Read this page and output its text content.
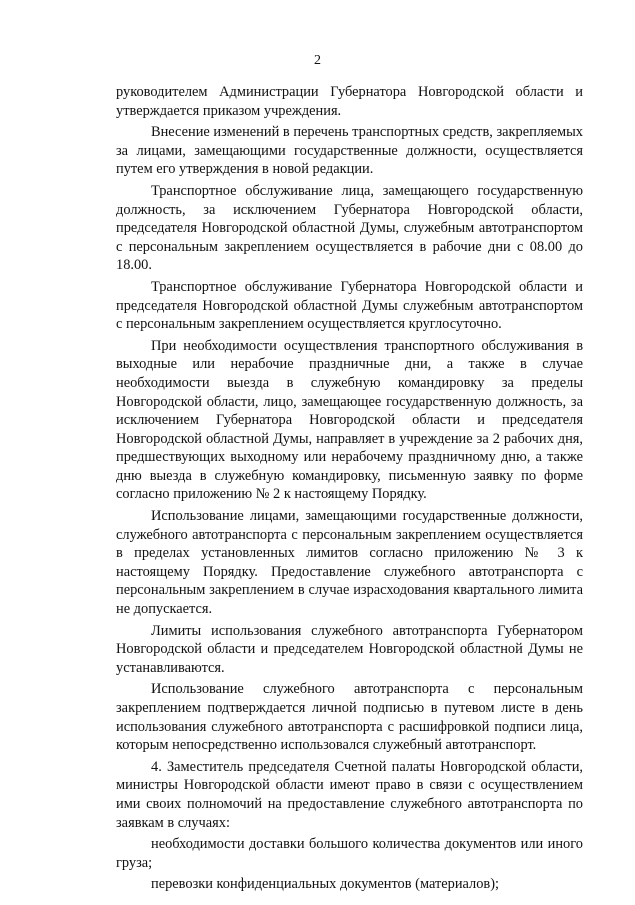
2

руководителем Администрации Губернатора Новгородской области и утверждается приказом учреждения.

Внесение изменений в перечень транспортных средств, закрепляемых за лицами, замещающими государственные должности, осуществляется путем его утверждения в новой редакции.

Транспортное обслуживание лица, замещающего государственную должность, за исключением Губернатора Новгородской области, председателя Новгородской областной Думы, служебным автотранспортом с персональным закреплением осуществляется в рабочие дни с 08.00 до 18.00.

Транспортное обслуживание Губернатора Новгородской области и председателя Новгородской областной Думы служебным автотранспортом с персональным закреплением осуществляется круглосуточно.

При необходимости осуществления транспортного обслуживания в выходные или нерабочие праздничные дни, а также в случае необходимости выезда в служебную командировку за пределы Новгородской области, лицо, замещающее государственную должность, за исключением Губернатора Новгородской области и председателя Новгородской областной Думы, направляет в учреждение за 2 рабочих дня, предшествующих выходному или нерабочему праздничному дню, а также дню выезда в служебную командировку, письменную заявку по форме согласно приложению № 2 к настоящему Порядку.

Использование лицами, замещающими государственные должности, служебного автотранспорта с персональным закреплением осуществляется в пределах установленных лимитов согласно приложению № 3 к настоящему Порядку. Предоставление служебного автотранспорта с персональным закреплением в случае израсходования квартального лимита не допускается.

Лимиты использования служебного автотранспорта Губернатором Новгородской области и председателем Новгородской областной Думы не устанавливаются.

Использование служебного автотранспорта с персональным закреплением подтверждается личной подписью в путевом листе в день использования служебного автотранспорта с расшифровкой подписи лица, которым непосредственно использовался служебный автотранспорт.

4. Заместитель председателя Счетной палаты Новгородской области, министры Новгородской области имеют право в связи с осуществлением ими своих полномочий на предоставление служебного автотранспорта по заявкам в случаях:

необходимости доставки большого количества документов или иного груза;

перевозки конфиденциальных документов (материалов);
